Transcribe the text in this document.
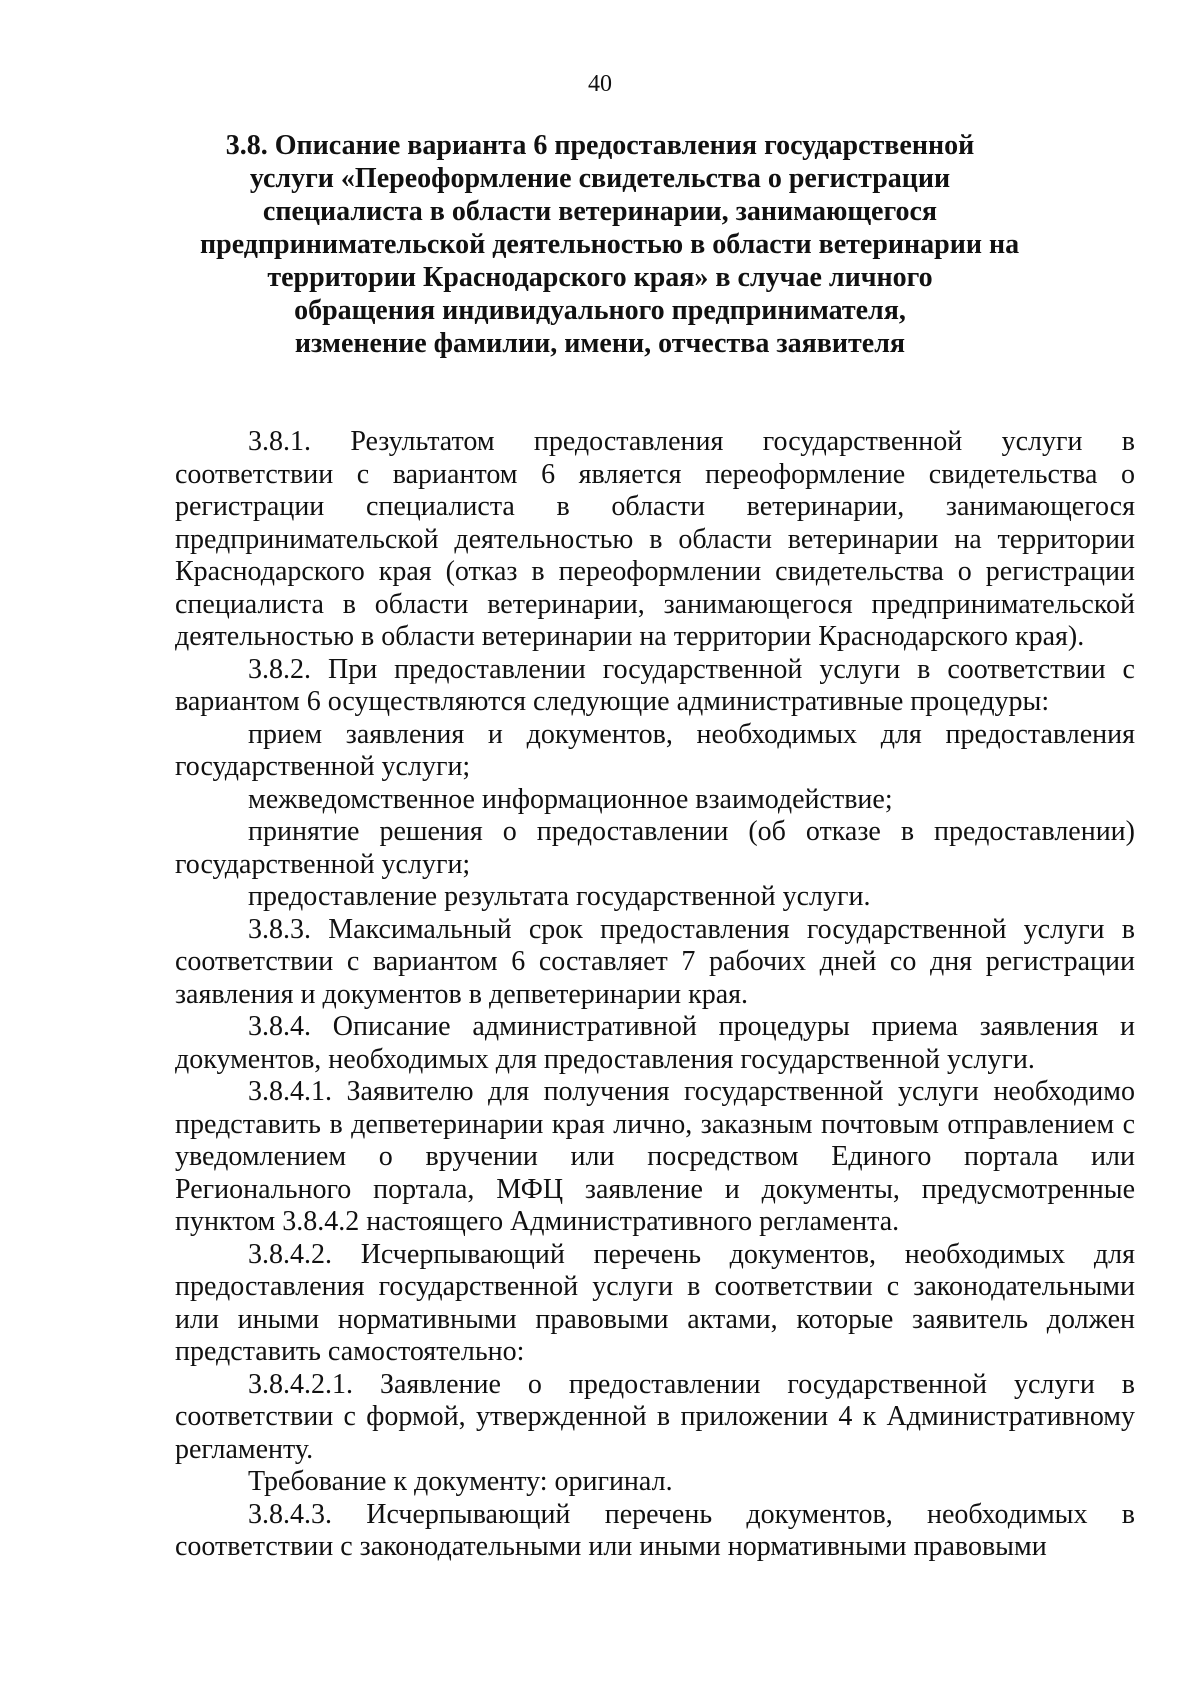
40
3.8. Описание варианта 6 предоставления государственной
услуги «Переоформление свидетельства о регистрации
специалиста в области ветеринарии, занимающегося
предпринимательской деятельностью в области ветеринарии на
территории Краснодарского края» в случае личного
обращения индивидуального предпринимателя,
изменение фамилии, имени, отчества заявителя

3.8.1. Результатом предоставления государственной услуги в соответствии с вариантом 6 является переоформление свидетельства о регистрации специалиста в области ветеринарии, занимающегося предпринимательской деятельностью в области ветеринарии на территории Краснодарского края (отказ в переоформлении свидетельства о регистрации специалиста в области ветеринарии, занимающегося предпринимательской деятельностью в области ветеринарии на территории Краснодарского края).

3.8.2. При предоставлении государственной услуги в соответствии с вариантом 6 осуществляются следующие административные процедуры:

прием заявления и документов, необходимых для предоставления государственной услуги;

межведомственное информационное взаимодействие;

принятие решения о предоставлении (об отказе в предоставлении) государственной услуги;

предоставление результата государственной услуги.

3.8.3. Максимальный срок предоставления государственной услуги в соответствии с вариантом 6 составляет 7 рабочих дней со дня регистрации заявления и документов в депветеринарии края.

3.8.4. Описание административной процедуры приема заявления и документов, необходимых для предоставления государственной услуги.

3.8.4.1. Заявителю для получения государственной услуги необходимо представить в депветеринарии края лично, заказным почтовым отправлением с уведомлением о вручении или посредством Единого портала или Регионального портала, МФЦ заявление и документы, предусмотренные пунктом 3.8.4.2 настоящего Административного регламента.

3.8.4.2. Исчерпывающий перечень документов, необходимых для предоставления государственной услуги в соответствии с законодательными или иными нормативными правовыми актами, которые заявитель должен представить самостоятельно:

3.8.4.2.1. Заявление о предоставлении государственной услуги в соответствии с формой, утвержденной в приложении 4 к Административному регламенту.

Требование к документу: оригинал.

3.8.4.3. Исчерпывающий перечень документов, необходимых в соответствии с законодательными или иными нормативными правовыми
